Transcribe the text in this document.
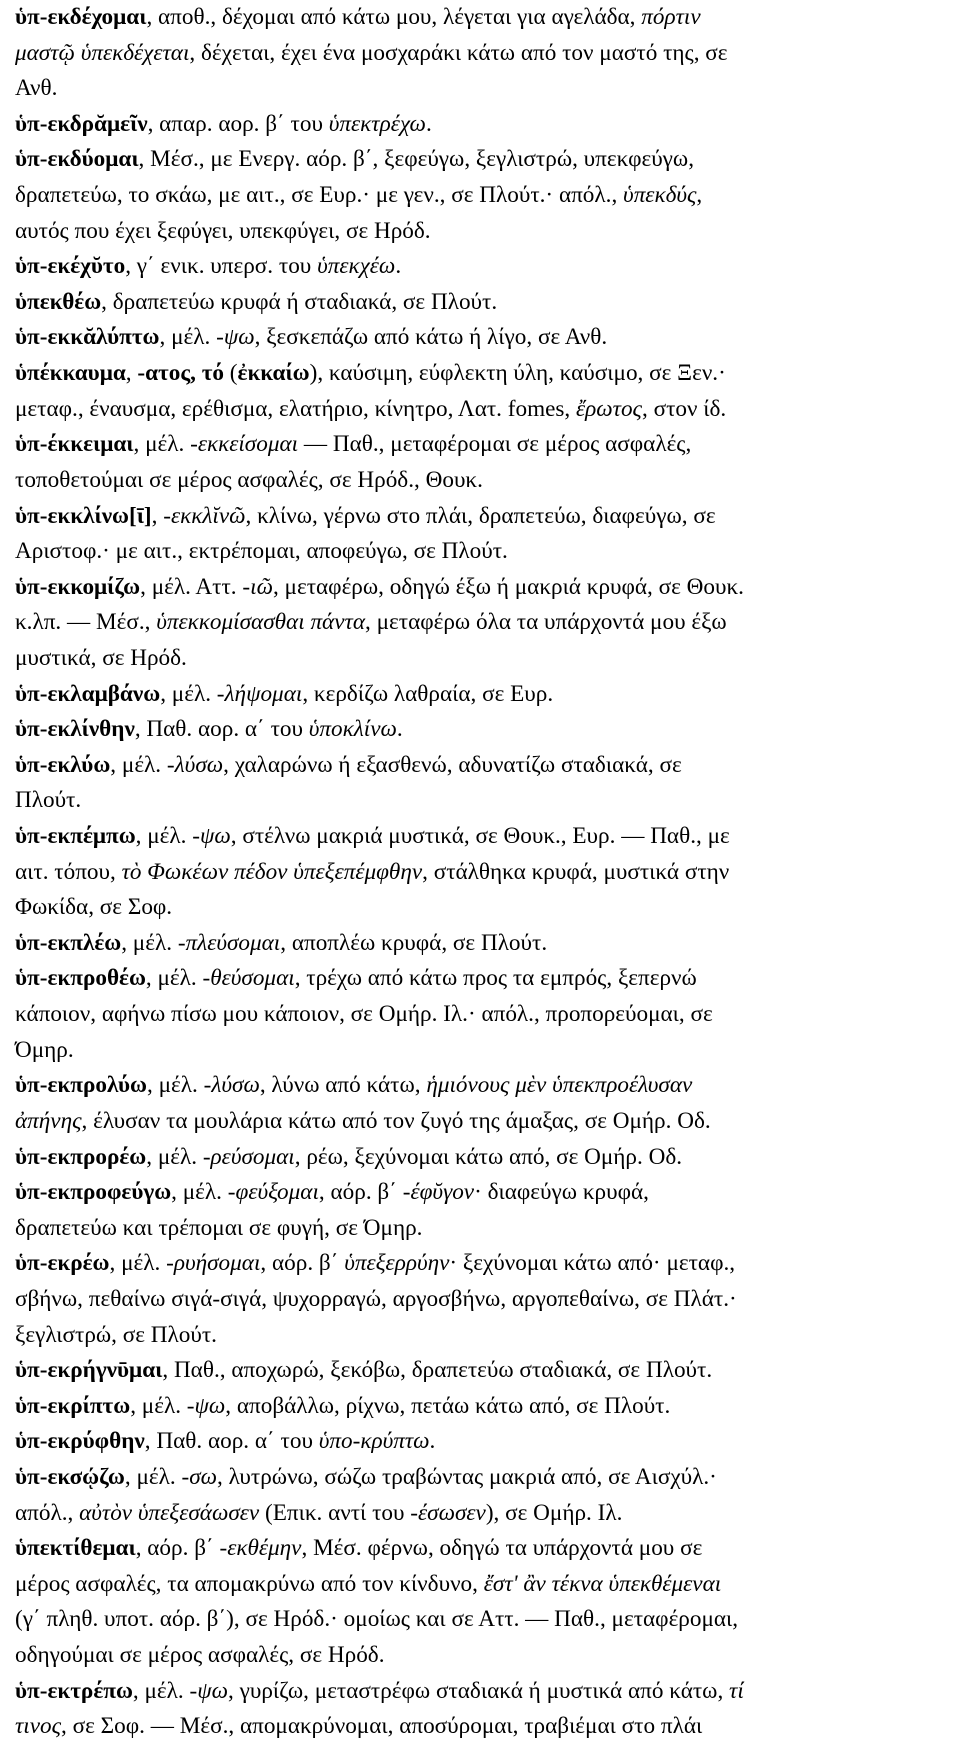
ὑπ-εκδέχομαι, αποθ., δέχομαι από κάτω μου, λέγεται για αγελάδα, πόρτιν
μαστῷ ὑπεκδέχεται, δέχεται, έχει ένα μοσχαράκι κάτω από τον μαστό της, σε
Ανθ.
ὑπ-εκδρᾰμεῖν, απαρ. αορ. β΄ του ὑπεκτρέχω.
ὑπ-εκδύομαι, Μέσ., με Ενεργ. αόρ. β΄, ξεφεύγω, ξεγλιστρώ, υπεκφεύγω,
δραπετεύω, το σκάω, με αιτ., σε Ευρ.· με γεν., σε Πλούτ.· απόλ., ὑπεκδύς,
αυτός που έχει ξεφύγει, υπεκφύγει, σε Ηρόδ.
ὑπ-εκέχῠτο, γ΄ ενικ. υπερσ. του ὑπεκχέω.
ὑπεκθέω, δραπετεύω κρυφά ή σταδιακά, σε Πλούτ.
ὑπ-εκκᾰλύπτω, μέλ. -ψω, ξεσκεπάζω από κάτω ή λίγο, σε Ανθ.
ὑπέκκαυμα, -ατος, τό (ἐκκαίω), καύσιμη, εύφλεκτη ύλη, καύσιμο, σε Ξεν.·
μεταφ., έναυσμα, ερέθισμα, ελατήριο, κίνητρο, Λατ. fomes, ἔρωτος, στον ίδ.
ὑπ-έκκειμαι, μέλ. -εκκείσομαι — Παθ., μεταφέρομαι σε μέρος ασφαλές,
τοποθετούμαι σε μέρος ασφαλές, σε Ηρόδ., Θουκ.
ὑπ-εκκλίνω[ῑ], -εκκλῐνῶ, κλίνω, γέρνω στο πλάι, δραπετεύω, διαφεύγω, σε
Αριστοφ.· με αιτ., εκτρέπομαι, αποφεύγω, σε Πλούτ.
ὑπ-εκκομίζω, μέλ. Αττ. -ιῶ, μεταφέρω, οδηγώ έξω ή μακριά κρυφά, σε Θουκ.
κ.λπ. — Μέσ., ὑπεκκομίσασθαι πάντα, μεταφέρω όλα τα υπάρχοντά μου έξω
μυστικά, σε Ηρόδ.
ὑπ-εκλαμβάνω, μέλ. -λήψομαι, κερδίζω λαθραία, σε Ευρ.
ὑπ-εκλίνθην, Παθ. αορ. α΄ του ὑποκλίνω.
ὑπ-εκλύω, μέλ. -λύσω, χαλαρώνω ή εξασθενώ, αδυνατίζω σταδιακά, σε
Πλούτ.
ὑπ-εκπέμπω, μέλ. -ψω, στέλνω μακριά μυστικά, σε Θουκ., Ευρ. — Παθ., με
αιτ. τόπου, τὸ Φωκέων πέδον ὑπεξεπέμφθην, στάλθηκα κρυφά, μυστικά στην
Φωκίδα, σε Σοφ.
ὑπ-εκπλέω, μέλ. -πλεύσομαι, αποπλέω κρυφά, σε Πλούτ.
ὑπ-εκπροθέω, μέλ. -θεύσομαι, τρέχω από κάτω προς τα εμπρός, ξεπερνώ
κάποιον, αφήνω πίσω μου κάποιον, σε Ομήρ. Ιλ.· απόλ., προπορεύομαι, σε
Όμηρ.
ὑπ-εκπρολύω, μέλ. -λύσω, λύνω από κάτω, ἡμιόνους μὲν ὑπεκπροέλυσαν
ἀπήνης, έλυσαν τα μουλάρια κάτω από τον ζυγό της άμαξας, σε Ομήρ. Οδ.
ὑπ-εκπρορέω, μέλ. -ρεύσομαι, ρέω, ξεχύνομαι κάτω από, σε Ομήρ. Οδ.
ὑπ-εκπροφεύγω, μέλ. -φεύξομαι, αόρ. β΄ -έφῠγον· διαφεύγω κρυφά,
δραπετεύω και τρέπομαι σε φυγή, σε Όμηρ.
ὑπ-εκρέω, μέλ. -ρυήσομαι, αόρ. β΄ ὑπεξερρύην· ξεχύνομαι κάτω από· μεταφ.,
σβήνω, πεθαίνω σιγά-σιγά, ψυχορραγώ, αργοσβήνω, αργοπεθαίνω, σε Πλάτ.·
ξεγλιστρώ, σε Πλούτ.
ὑπ-εκρήγνῡμαι, Παθ., αποχωρώ, ξεκόβω, δραπετεύω σταδιακά, σε Πλούτ.
ὑπ-εκρίπτω, μέλ. -ψω, αποβάλλω, ρίχνω, πετάω κάτω από, σε Πλούτ.
ὑπ-εκρύφθην, Παθ. αορ. α΄ του ὑπο-κρύπτω.
ὑπ-εκσῴζω, μέλ. -σω, λυτρώνω, σώζω τραβώντας μακριά από, σε Αισχύλ.·
απόλ., αὐτὸν ὑπεξεσάωσεν (Επικ. αντί του -έσωσεν), σε Ομήρ. Ιλ.
ὑπεκτίθεμαι, αόρ. β΄ -εκθέμην, Μέσ. φέρνω, οδηγώ τα υπάρχοντά μου σε
μέρος ασφαλές, τα απομακρύνω από τον κίνδυνο, ἔστ' ἂν τέκνα ὑπεκθέμεναι
(γ΄ πληθ. υποτ. αόρ. β΄), σε Ηρόδ.· ομοίως και σε Αττ. — Παθ., μεταφέρομαι,
οδηγούμαι σε μέρος ασφαλές, σε Ηρόδ.
ὑπ-εκτρέπω, μέλ. -ψω, γυρίζω, μεταστρέφω σταδιακά ή μυστικά από κάτω, τί
τινος, σε Σοφ. — Μέσ., απομακρύνομαι, αποσύρομαι, τραβιέμαι στο πλάι
